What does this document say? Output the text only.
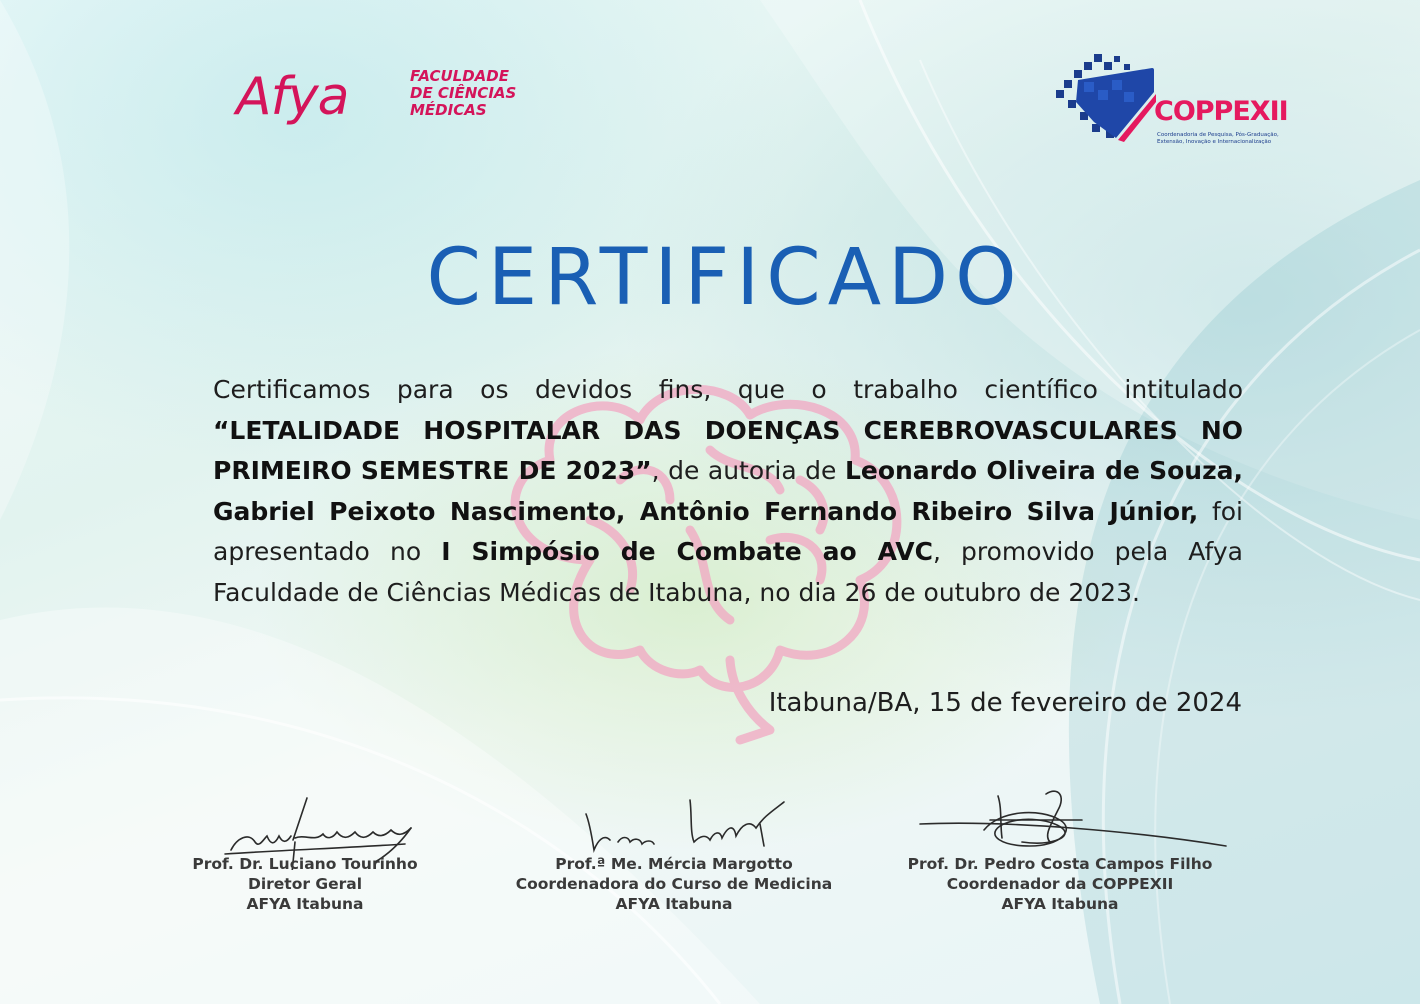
Afya	FACULDADE
DE CIÊNCIAS
MÉDICAS	COPPEXII
Coordenadoria de Pesquisa, Pós-Graduação,
Extensão, Inovação e Internacionalização
CERTIFICADO
Certificamos para os devidos fins, que o trabalho científico intitulado “LETALIDADE HOSPITALAR DAS DOENÇAS CEREBROVASCULARES NO PRIMEIRO SEMESTRE DE 2023”, de autoria de Leonardo Oliveira de Souza, Gabriel Peixoto Nascimento, Antônio Fernando Ribeiro Silva Júnior, foi apresentado no I Simpósio de Combate ao AVC, promovido pela Afya Faculdade de Ciências Médicas de Itabuna, no dia 26 de outubro de 2023.
Itabuna/BA, 15 de fevereiro de 2024
Prof. Dr. Luciano Tourinho
Diretor Geral
AFYA Itabuna
Prof.ª Me. Mércia Margotto
Coordenadora do Curso de Medicina
AFYA Itabuna
Prof. Dr. Pedro Costa Campos Filho
Coordenador da COPPEXII
AFYA Itabuna
